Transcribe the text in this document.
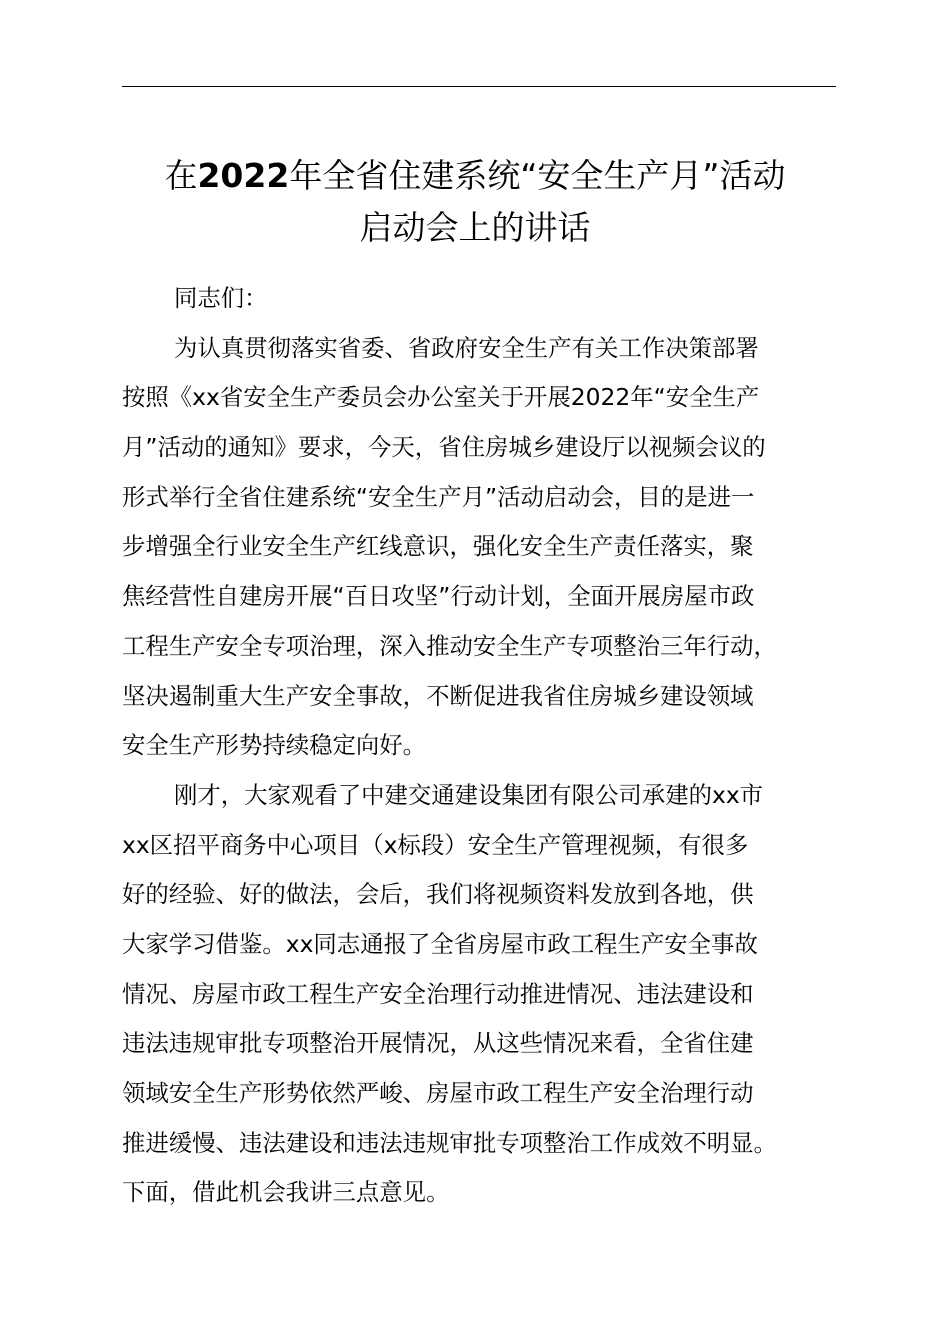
在2022年全省住建系统“安全生产月”活动
启动会上的讲话
同志们：
为认真贯彻落实省委、省政府安全生产有关工作决策部署
按照《xx省安全生产委员会办公室关于开展2022年“安全生产
月”活动的通知》要求，今天，省住房城乡建设厅以视频会议的
形式举行全省住建系统“安全生产月”活动启动会，目的是进一
步增强全行业安全生产红线意识，强化安全生产责任落实，聚
焦经营性自建房开展“百日攻坚”行动计划，全面开展房屋市政
工程生产安全专项治理，深入推动安全生产专项整治三年行动，
坚决遏制重大生产安全事故，不断促进我省住房城乡建设领域
安全生产形势持续稳定向好。
刚才，大家观看了中建交通建设集团有限公司承建的xx市
xx区招平商务中心项目（x标段）安全生产管理视频，有很多
好的经验、好的做法，会后，我们将视频资料发放到各地，供
大家学习借鉴。xx同志通报了全省房屋市政工程生产安全事故
情况、房屋市政工程生产安全治理行动推进情况、违法建设和
违法违规审批专项整治开展情况，从这些情况来看，全省住建
领域安全生产形势依然严峻、房屋市政工程生产安全治理行动
推进缓慢、违法建设和违法违规审批专项整治工作成效不明显。
下面，借此机会我讲三点意见。
